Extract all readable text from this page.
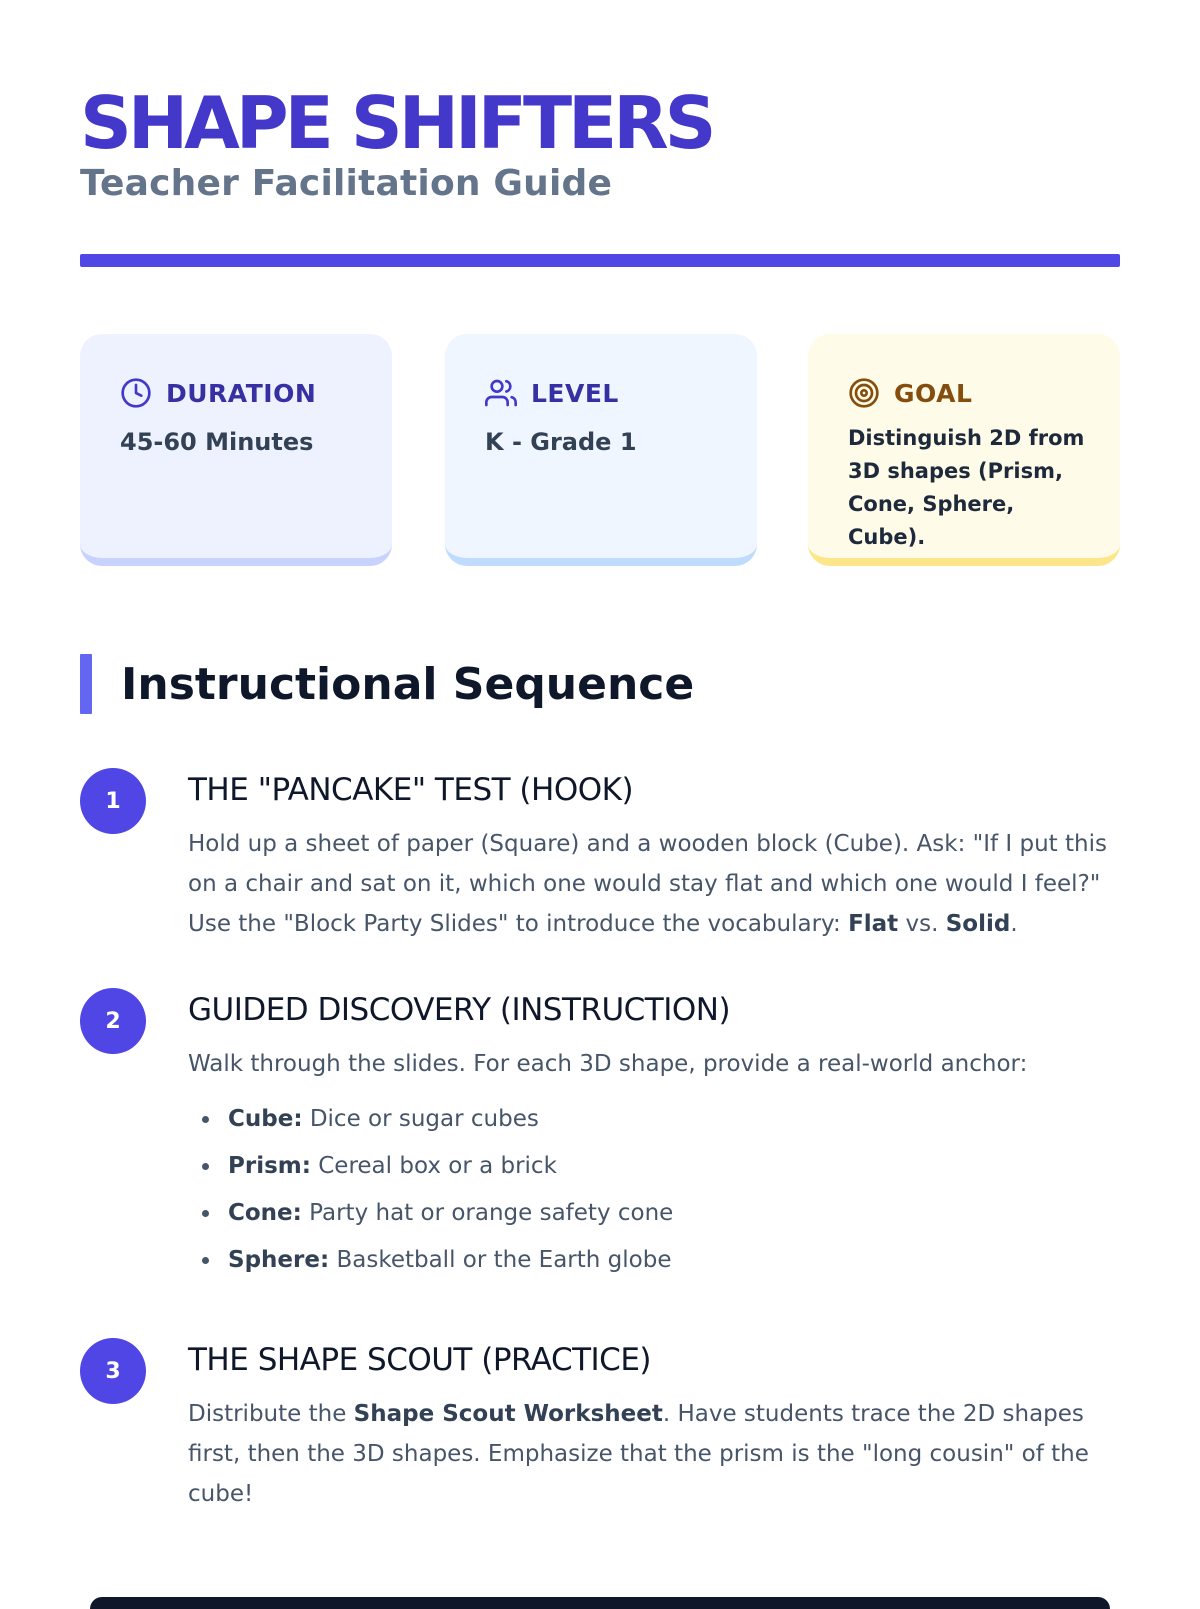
SHAPE SHIFTERS
Teacher Facilitation Guide
DURATION
45-60 Minutes
LEVEL
K - Grade 1
GOAL
Distinguish 2D from 3D shapes (Prism, Cone, Sphere, Cube).
Instructional Sequence
1	THE "PANCAKE" TEST (HOOK)
Hold up a sheet of paper (Square) and a wooden block (Cube). Ask: "If I put this on a chair and sat on it, which one would stay flat and which one would I feel?" Use the "Block Party Slides" to introduce the vocabulary: Flat vs. Solid.
2	GUIDED DISCOVERY (INSTRUCTION)
Walk through the slides. For each 3D shape, provide a real-world anchor:
Cube: Dice or sugar cubes
Prism: Cereal box or a brick
Cone: Party hat or orange safety cone
Sphere: Basketball or the Earth globe
3	THE SHAPE SCOUT (PRACTICE)
Distribute the Shape Scout Worksheet. Have students trace the 2D shapes first, then the 3D shapes. Emphasize that the prism is the "long cousin" of the cube!
